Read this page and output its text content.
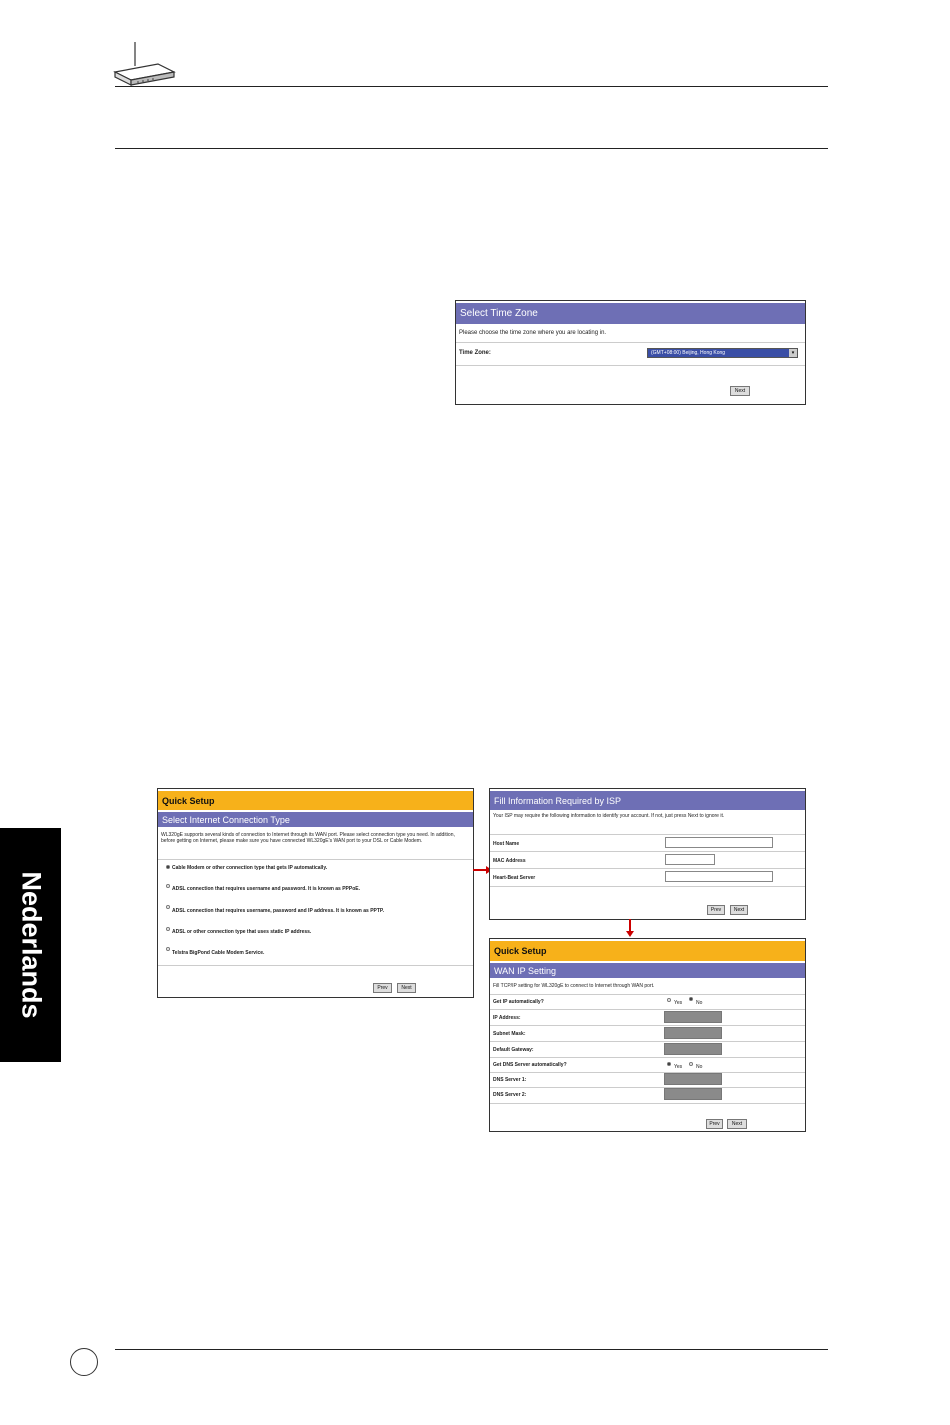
Nederlands
Select Time Zone
Please choose the time zone where you are locating in.
Time Zone:	(GMT+08:00) Beijing, Hong Kong	▾
Next
Quick Setup
Select Internet Connection Type
WL320gE supports several kinds of connection to Internet through its WAN port. Please select connection type you need. In addition, before getting on Internet, please make sure you have connected WL320gE's WAN port to your DSL or Cable Modem.
Cable Modem or other connection type that gets IP automatically.
ADSL connection that requires username and password. It is known as PPPoE.
ADSL connection that requires username, password and IP address. It is known as PPTP.
ADSL or other connection type that uses static IP address.
Telstra BigPond Cable Modem Service.
Prev	Next
Fill Information Required by ISP
Your ISP may require the following information to identify your account. If not, just press Next to ignore it.
Host Name
MAC Address
Heart-Beat Server
Prev	Next
Quick Setup
WAN IP Setting
Fill TCP/IP setting for WL320gE to connect to Internet through WAN port.
Get IP automatically?	Yes	No
IP Address:
Subnet Mask:
Default Gateway:
Get DNS Server automatically?	Yes	No
DNS Server 1:
DNS Server 2:
Prev	Next
